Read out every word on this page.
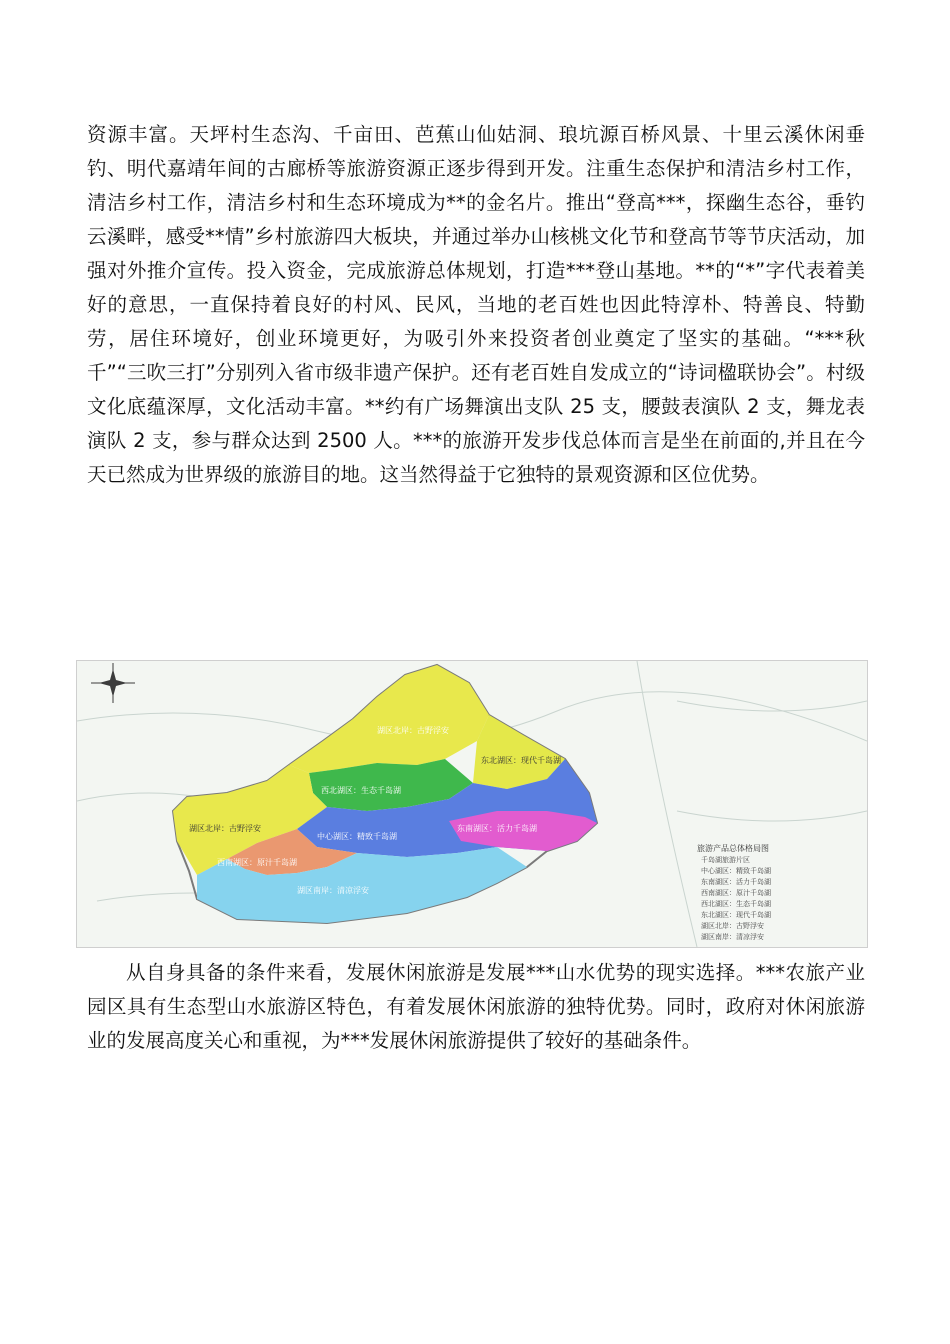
资源丰富。天坪村生态沟、千亩田、芭蕉山仙姑洞、琅坑源百桥风景、十里云溪休闲垂钓、明代嘉靖年间的古廊桥等旅游资源正逐步得到开发。注重生态保护和清洁乡村工作，清洁乡村工作，清洁乡村和生态环境成为**的金名片。推出“登高***，探幽生态谷，垂钓云溪畔，感受**情”乡村旅游四大板块，并通过举办山核桃文化节和登高节等节庆活动，加强对外推介宣传。投入资金，完成旅游总体规划，打造***登山基地。**的“*”字代表着美好的意思，一直保持着良好的村风、民风，当地的老百姓也因此特淳朴、特善良、特勤劳，居住环境好，创业环境更好，为吸引外来投资者创业奠定了坚实的基础。“***秋千”“三吹三打”分别列入省市级非遗产保护。还有老百姓自发成立的“诗词楹联协会”。村级文化底蕴深厚，文化活动丰富。**约有广场舞演出支队 25 支，腰鼓表演队 2 支，舞龙表演队 2 支，参与群众达到 2500 人。***的旅游开发步伐总体而言是坐在前面的,并且在今天已然成为世界级的旅游目的地。这当然得益于它独特的景观资源和区位优势。

湖区北岸：古野浮安
东北湖区：现代千岛湖
西北湖区：生态千岛湖
湖区北岸：古野浮安
中心湖区：精致千岛湖
东南湖区：活力千岛湖
西南湖区：原汁千岛湖
湖区南岸：清凉浮安
旅游产品总体格局图
千岛湖旅游片区
中心湖区：精致千岛湖
东南湖区：活力千岛湖
西南湖区：原汁千岛湖
西北湖区：生态千岛湖
东北湖区：现代千岛湖
湖区北岸：古野浮安
湖区南岸：清凉浮安

从自身具备的条件来看，发展休闲旅游是发展***山水优势的现实选择。***农旅产业园区具有生态型山水旅游区特色，有着发展休闲旅游的独特优势。同时，政府对休闲旅游业的发展高度关心和重视，为***发展休闲旅游提供了较好的基础条件。
